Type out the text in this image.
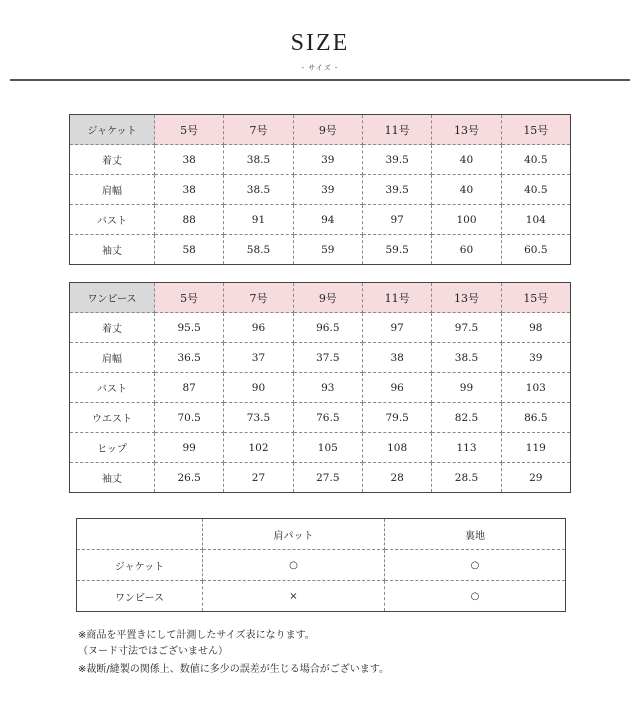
SIZE
- サイズ -
ジャケット	5号	7号	9号	11号	13号	15号
着丈	38	38.5	39	39.5	40	40.5
肩幅	38	38.5	39	39.5	40	40.5
バスト	88	91	94	97	100	104
袖丈	58	58.5	59	59.5	60	60.5
ワンピース	5号	7号	9号	11号	13号	15号
着丈	95.5	96	96.5	97	97.5	98
肩幅	36.5	37	37.5	38	38.5	39
バスト	87	90	93	96	99	103
ウエスト	70.5	73.5	76.5	79.5	82.5	86.5
ヒップ	99	102	105	108	113	119
袖丈	26.5	27	27.5	28	28.5	29
	肩パット	裏地
ジャケット	○	○
ワンピース	×	○
※商品を平置きにして計測したサイズ表になります。
（ヌード寸法ではございません）
※裁断/縫製の関係上、数値に多少の誤差が生じる場合がございます。
